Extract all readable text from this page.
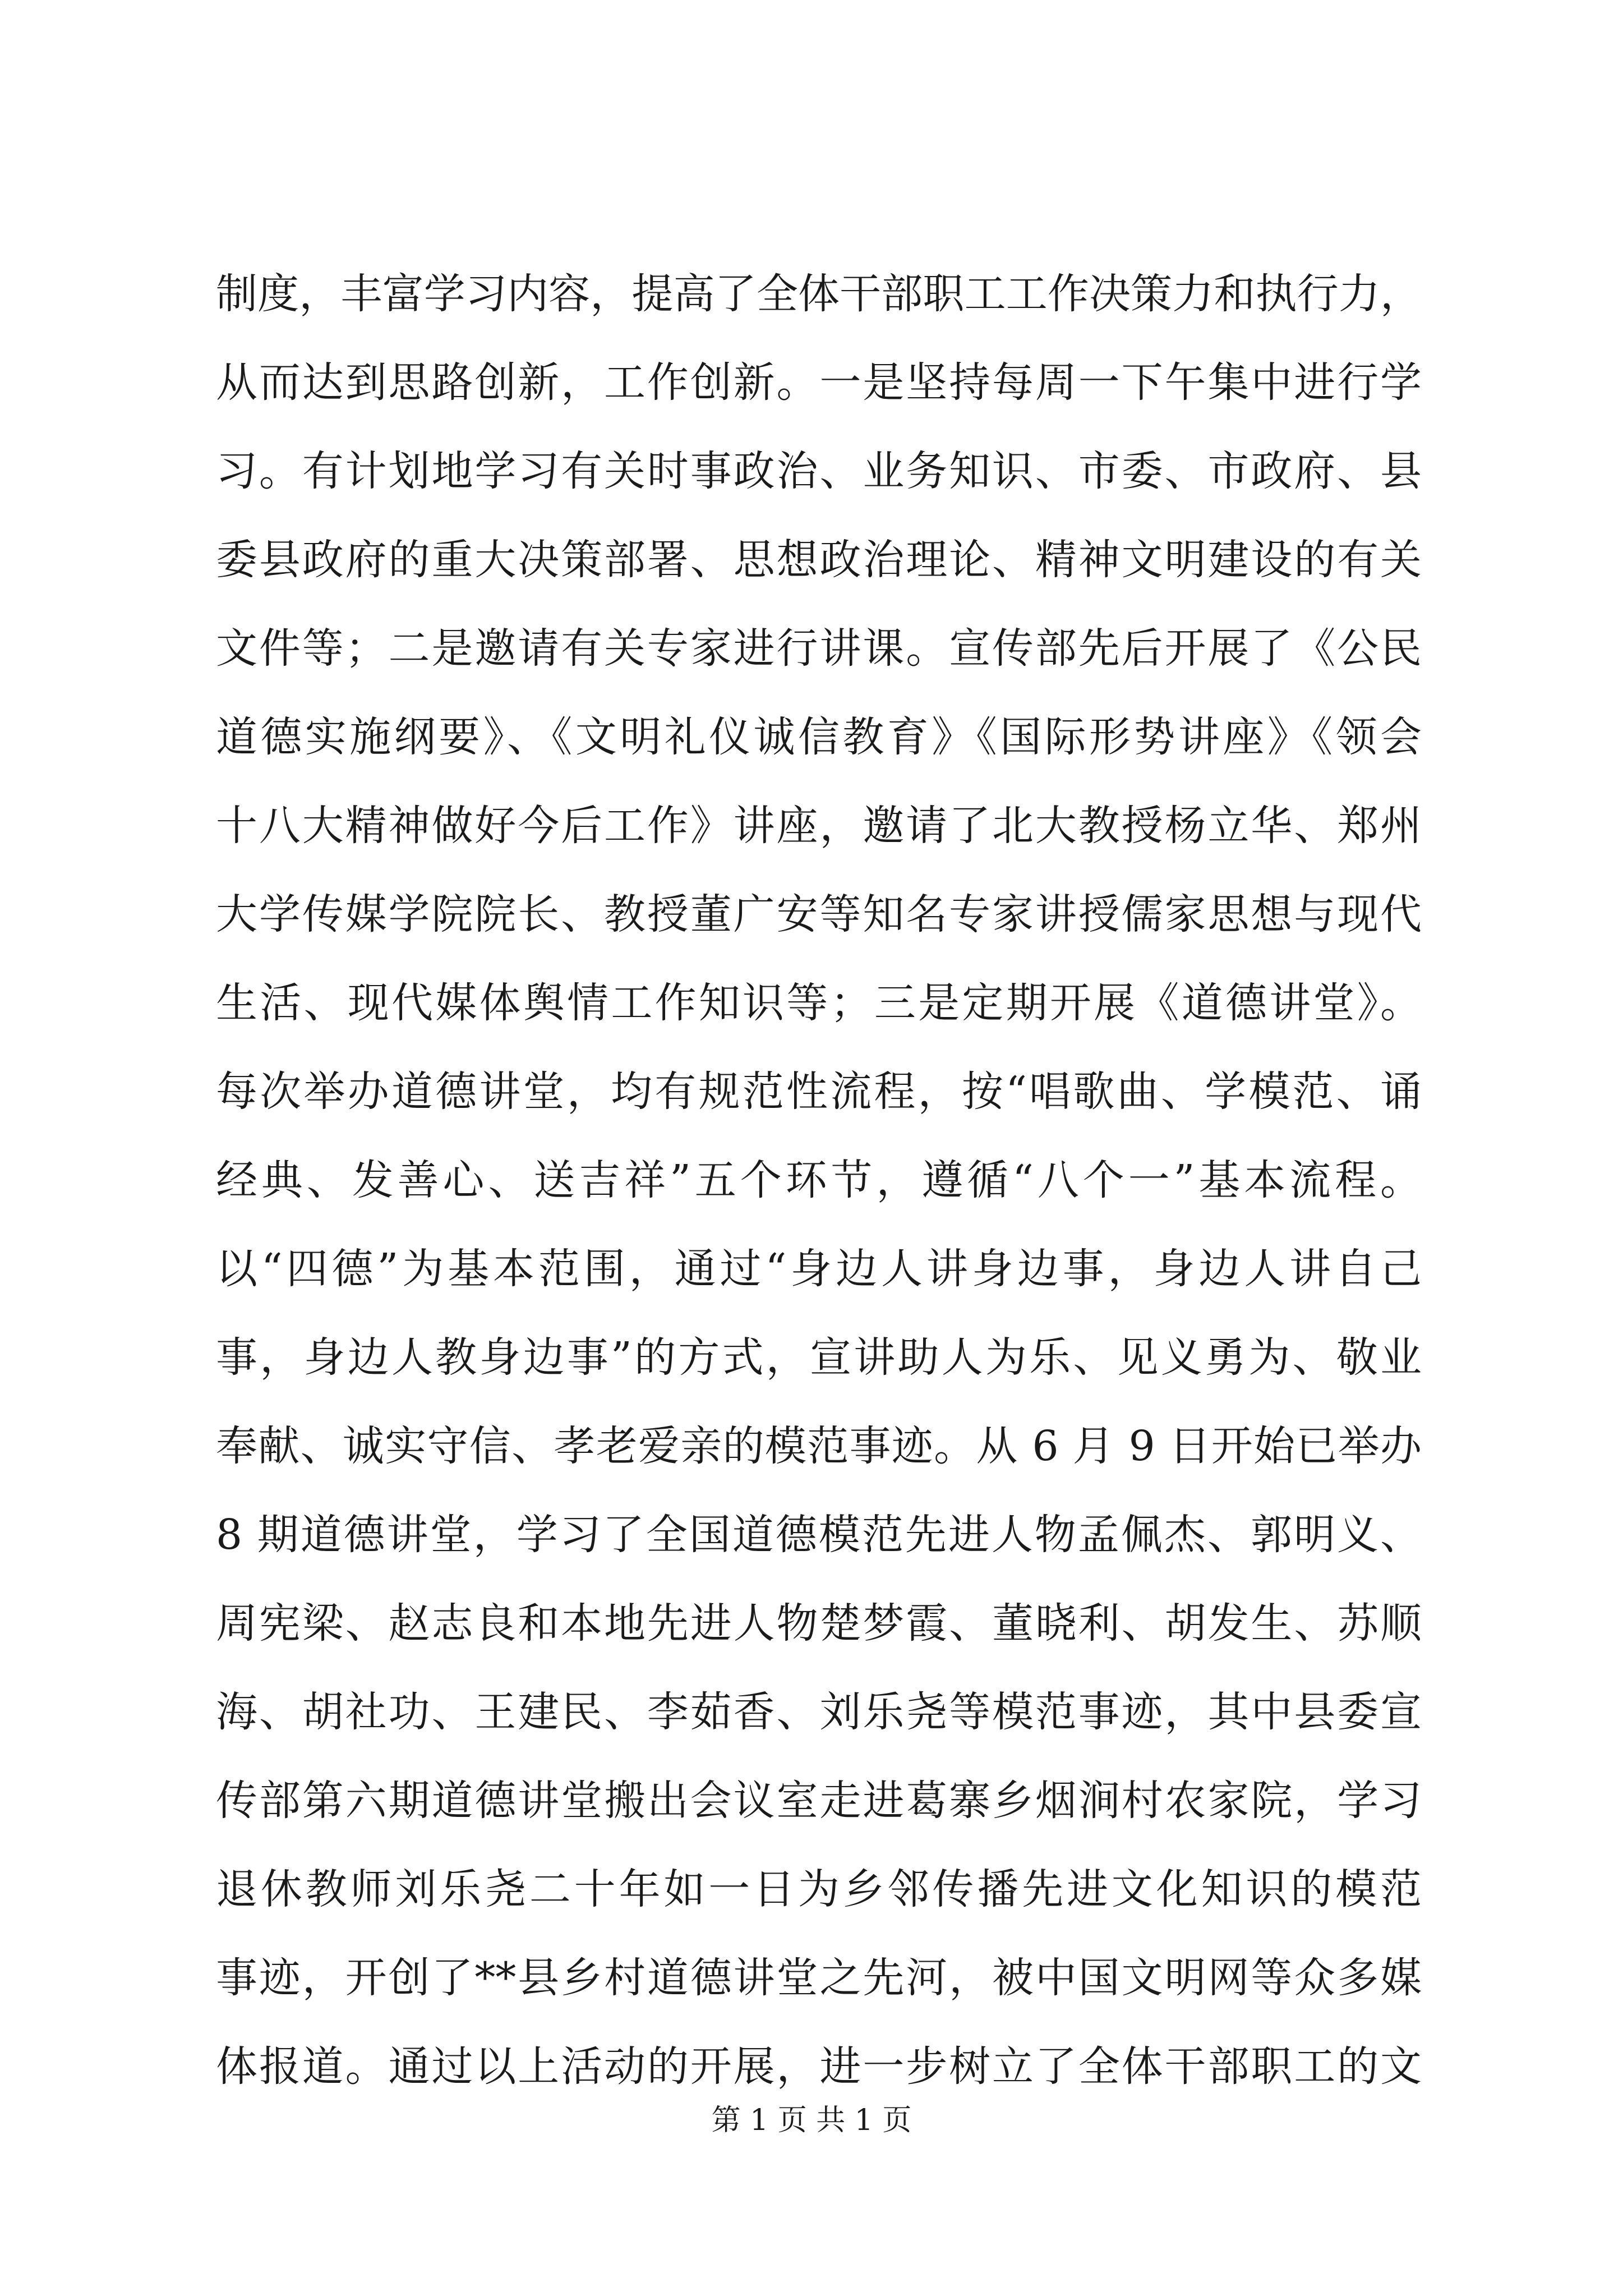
制度，丰富学习内容，提高了全体干部职工工作决策力和执行力，
从而达到思路创新，工作创新。一是坚持每周一下午集中进行学
习。有计划地学习有关时事政治、业务知识、市委、市政府、县
委县政府的重大决策部署、思想政治理论、精神文明建设的有关
文件等；二是邀请有关专家进行讲课。宣传部先后开展了《公民
道德实施纲要》、《文明礼仪诚信教育》《国际形势讲座》《领会
十八大精神做好今后工作》讲座，邀请了北大教授杨立华、郑州
大学传媒学院院长、教授董广安等知名专家讲授儒家思想与现代
生活、现代媒体舆情工作知识等；三是定期开展《道德讲堂》。
每次举办道德讲堂，均有规范性流程，按“唱歌曲、学模范、诵
经典、发善心、送吉祥”五个环节，遵循“八个一”基本流程。
以“四德”为基本范围，通过“身边人讲身边事，身边人讲自己
事，身边人教身边事”的方式，宣讲助人为乐、见义勇为、敬业
奉献、诚实守信、孝老爱亲的模范事迹。从 6 月 9 日开始已举办
8 期道德讲堂，学习了全国道德模范先进人物孟佩杰、郭明义、
周宪梁、赵志良和本地先进人物楚梦霞、董晓利、胡发生、苏顺
海、胡社功、王建民、李茹香、刘乐尧等模范事迹，其中县委宣
传部第六期道德讲堂搬出会议室走进葛寨乡烟涧村农家院，学习
退休教师刘乐尧二十年如一日为乡邻传播先进文化知识的模范
事迹，开创了**县乡村道德讲堂之先河，被中国文明网等众多媒
体报道。通过以上活动的开展，进一步树立了全体干部职工的文
第 1 页 共 1 页
